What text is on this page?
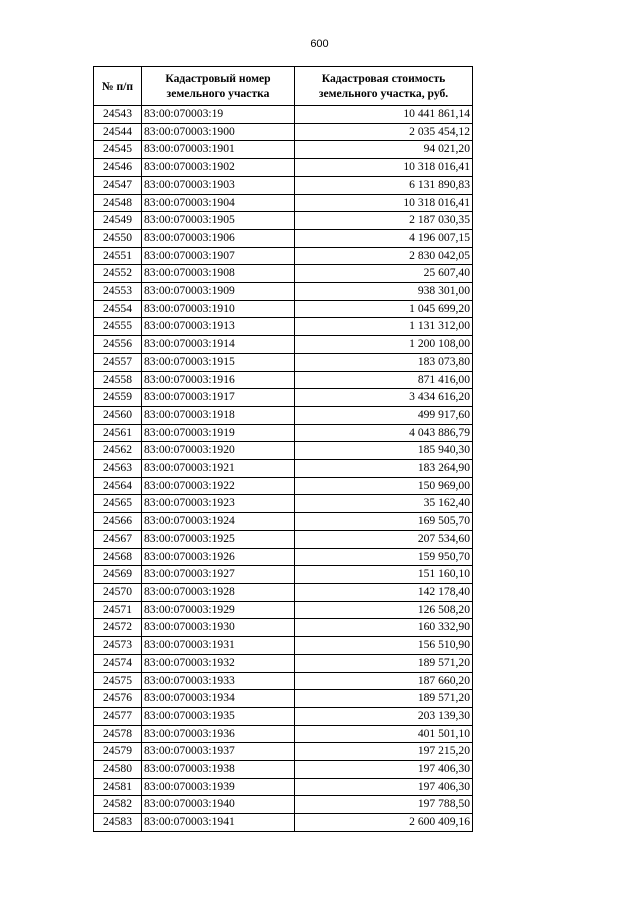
600
№ п/п	Кадастровый номер земельного участка	Кадастровая стоимость земельного участка, руб.
24543	83:00:070003:19	10 441 861,14
24544	83:00:070003:1900	2 035 454,12
24545	83:00:070003:1901	94 021,20
24546	83:00:070003:1902	10 318 016,41
24547	83:00:070003:1903	6 131 890,83
24548	83:00:070003:1904	10 318 016,41
24549	83:00:070003:1905	2 187 030,35
24550	83:00:070003:1906	4 196 007,15
24551	83:00:070003:1907	2 830 042,05
24552	83:00:070003:1908	25 607,40
24553	83:00:070003:1909	938 301,00
24554	83:00:070003:1910	1 045 699,20
24555	83:00:070003:1913	1 131 312,00
24556	83:00:070003:1914	1 200 108,00
24557	83:00:070003:1915	183 073,80
24558	83:00:070003:1916	871 416,00
24559	83:00:070003:1917	3 434 616,20
24560	83:00:070003:1918	499 917,60
24561	83:00:070003:1919	4 043 886,79
24562	83:00:070003:1920	185 940,30
24563	83:00:070003:1921	183 264,90
24564	83:00:070003:1922	150 969,00
24565	83:00:070003:1923	35 162,40
24566	83:00:070003:1924	169 505,70
24567	83:00:070003:1925	207 534,60
24568	83:00:070003:1926	159 950,70
24569	83:00:070003:1927	151 160,10
24570	83:00:070003:1928	142 178,40
24571	83:00:070003:1929	126 508,20
24572	83:00:070003:1930	160 332,90
24573	83:00:070003:1931	156 510,90
24574	83:00:070003:1932	189 571,20
24575	83:00:070003:1933	187 660,20
24576	83:00:070003:1934	189 571,20
24577	83:00:070003:1935	203 139,30
24578	83:00:070003:1936	401 501,10
24579	83:00:070003:1937	197 215,20
24580	83:00:070003:1938	197 406,30
24581	83:00:070003:1939	197 406,30
24582	83:00:070003:1940	197 788,50
24583	83:00:070003:1941	2 600 409,16
